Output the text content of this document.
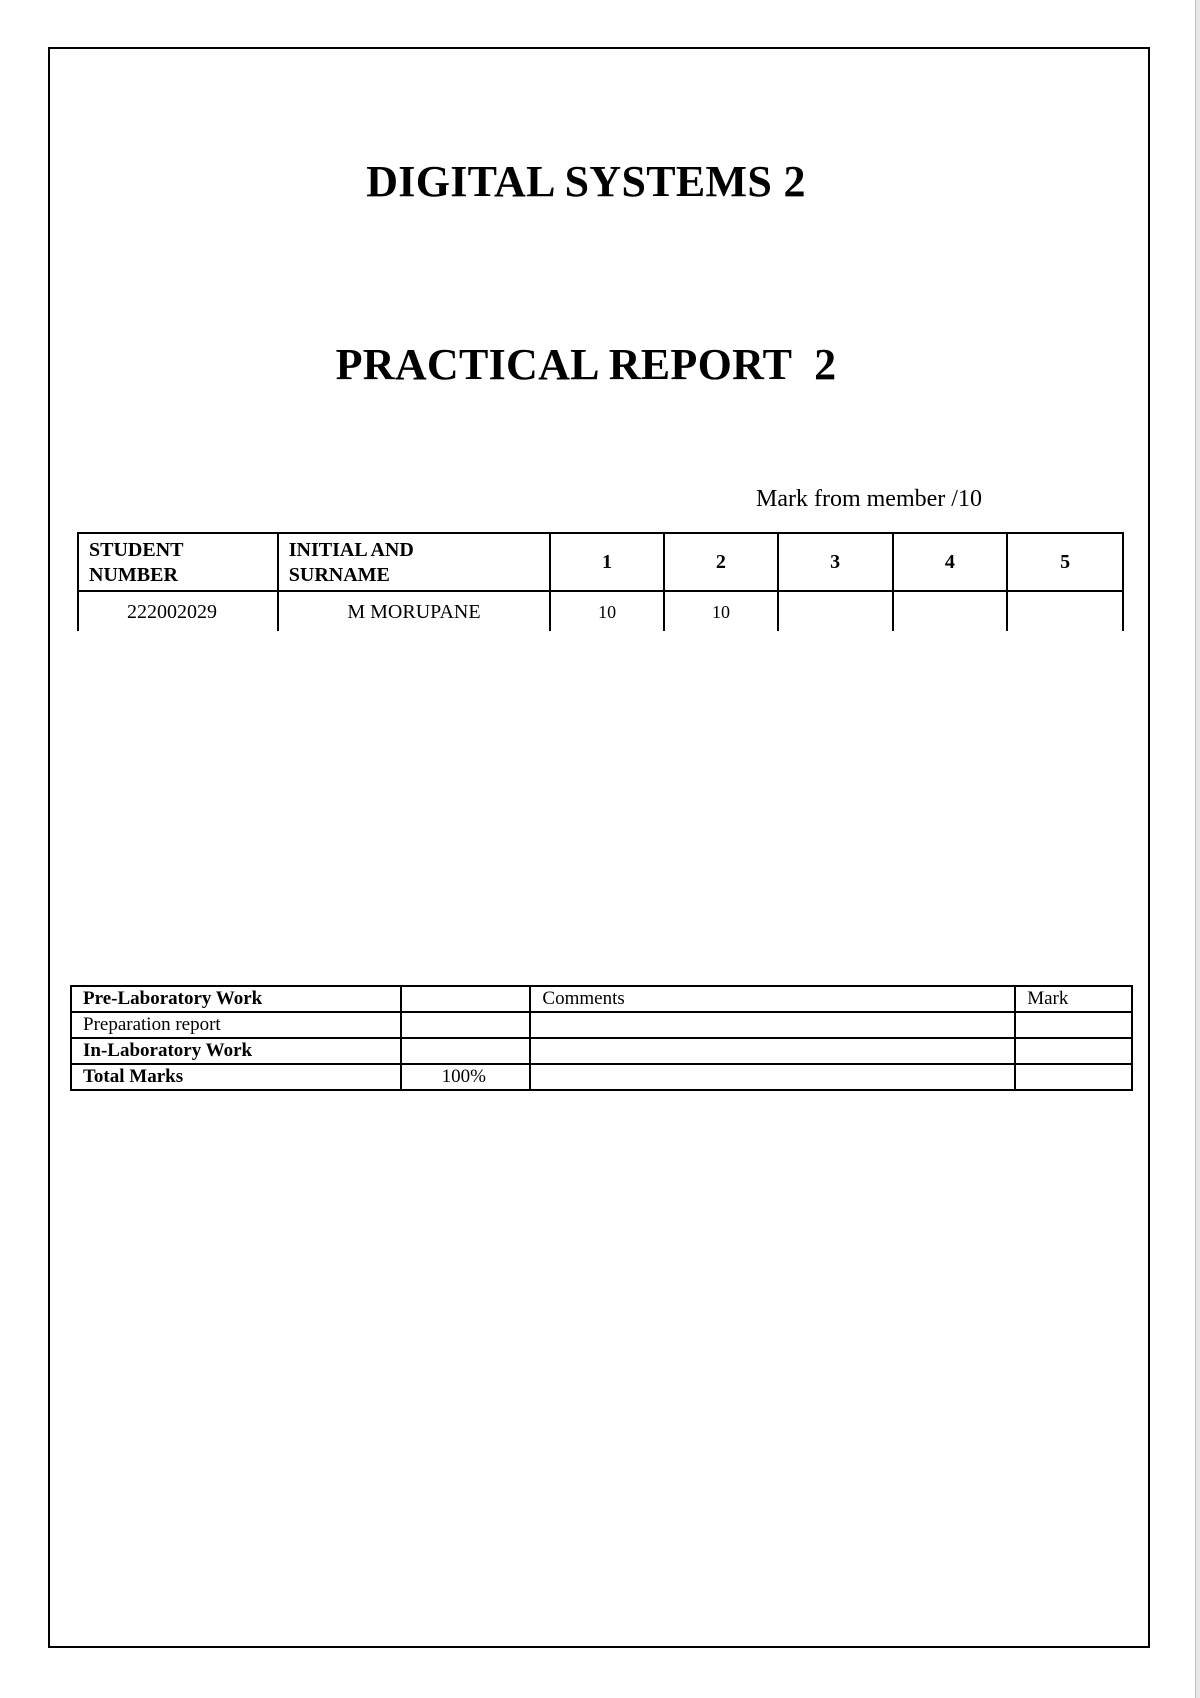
DIGITAL SYSTEMS 2
PRACTICAL REPORT  2
Mark from member /10
STUDENT
NUMBER	INITIAL AND
SURNAME	1	2	3	4	5
222002029	M MORUPANE	10	10			
Pre-Laboratory Work		Comments	Mark
Preparation report			
In-Laboratory Work			
Total Marks	100%		
